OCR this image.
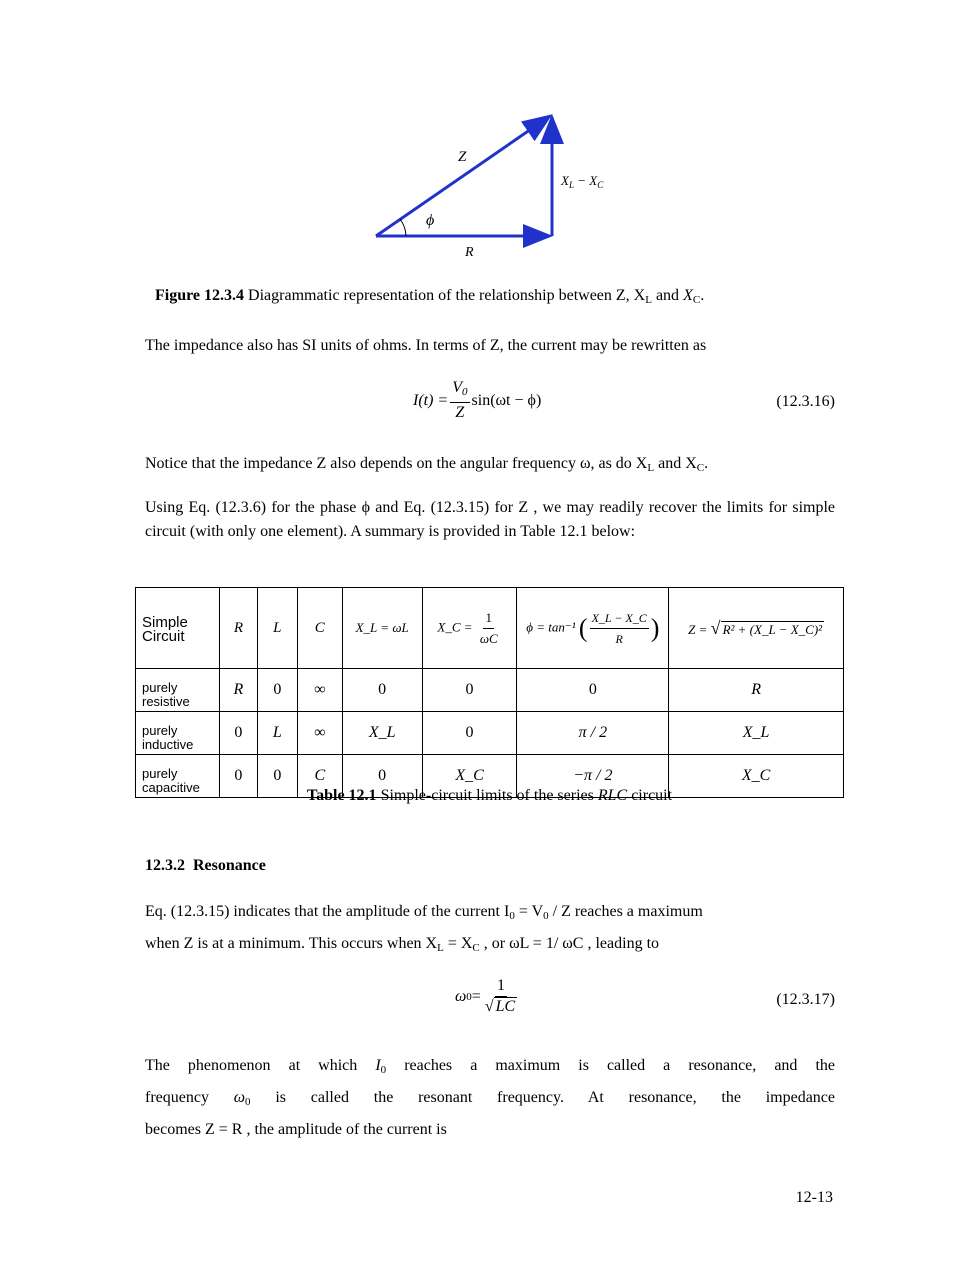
Z
ϕ
R
$X_L - X_C$
Figure 12.3.4 Diagrammatic representation of the relationship between Z, $X_L$ and $X_C$.
The impedance also has SI units of ohms. In terms of Z, the current may be rewritten as
$I(t) = \frac{V_0}{Z} \sin(\omega t - \phi)$	(12.3.16)
Notice that the impedance Z also depends on the angular frequency ω, as do $X_L$ and $X_C$.
Using Eq. (12.3.6) for the phase ϕ and Eq. (12.3.15) for Z , we may readily recover the limits for simple circuit (with only one element). A summary is provided in Table 12.1 below:
Simple Circuit	R	L	C	X_L = ωL	X_C = $\frac{1}{\omega C}$	ϕ = tan⁻¹ ( $\frac{X\_L - X\_C}{R}$ )	Z = √ R² + (X_L − X_C)²
purely resistive	R	0	∞	0	0	0	R
purely inductive	0	L	∞	X_L	0	π / 2	X_L
purely capacitive	0	0	C	0	X_C	−π / 2	X_C
Table 12.1 Simple-circuit limits of the series RLC circuit
12.3.2 Resonance
Eq. (12.3.15) indicates that the amplitude of the current $I_0 = V_0 / Z$ reaches a maximum
when Z is at a minimum. This occurs when $X_L = X_C$ , or ωL = 1/ ωC , leading to
ω $0 = \frac{1}{√ LC}$	(12.3.17)
The phenomenon at which $I_0$ reaches a maximum is called a resonance, and the
frequency $\omega_0$ is called the resonant frequency. At resonance, the impedance
becomes Z = R , the amplitude of the current is
12-13
